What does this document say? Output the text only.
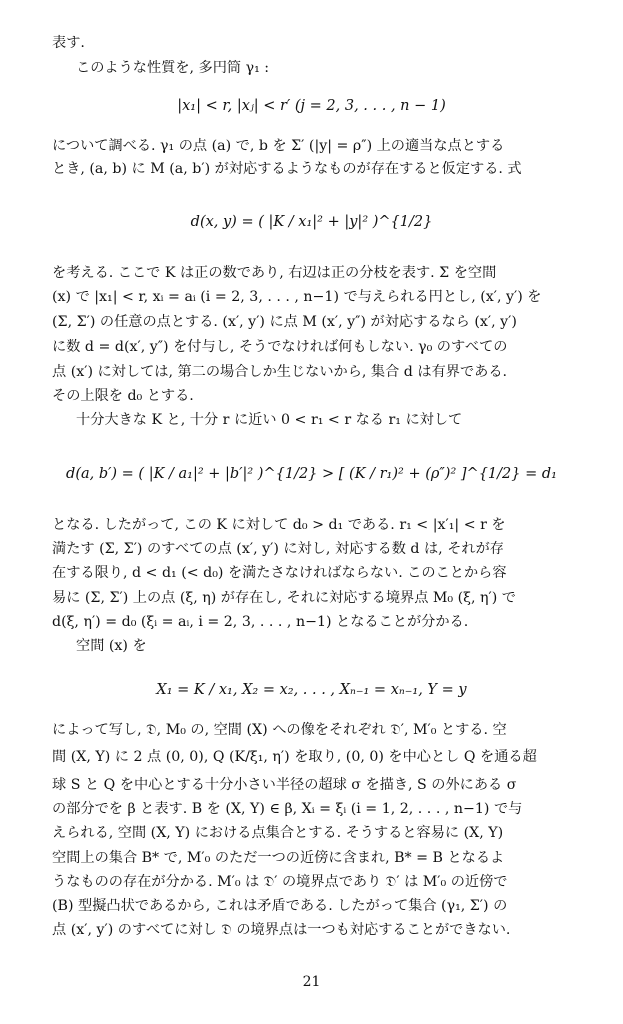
表す.
このような性質を, 多円筒 γ₁ :
|x₁| < r, |xⱼ| < r′ (j = 2, 3, . . . , n − 1)
について調べる. γ₁ の点 (a) で, b を Σ′ (|y| = ρ″) 上の適当な点とする
とき, (a, b) に M (a, b′) が対応するようなものが存在すると仮定する. 式
d(x, y) = ( |K / x₁|² + |y|² )^{1/2}
を考える. ここで K は正の数であり, 右辺は正の分枝を表す. Σ を空間
(x) で |x₁| < r, xᵢ = aᵢ (i = 2, 3, . . . , n−1) で与えられる円とし, (x′, y′) を
(Σ, Σ′) の任意の点とする. (x′, y′) に点 M (x′, y″) が対応するなら (x′, y′)
に数 d = d(x′, y″) を付与し, そうでなければ何もしない. γ₀ のすべての
点 (x′) に対しては, 第二の場合しか生じないから, 集合 d は有界である.
その上限を d₀ とする.
十分大きな K と, 十分 r に近い 0 < r₁ < r なる r₁ に対して
d(a, b′) = ( |K / a₁|² + |b′|² )^{1/2} > [ (K / r₁)² + (ρ″)² ]^{1/2} = d₁
となる. したがって, この K に対して d₀ > d₁ である. r₁ < |x′₁| < r を
満たす (Σ, Σ′) のすべての点 (x′, y′) に対し, 対応する数 d は, それが存
在する限り, d < d₁ (< d₀) を満たさなければならない. このことから容
易に (Σ, Σ′) 上の点 (ξ, η) が存在し, それに対応する境界点 M₀ (ξ, η′) で
d(ξ, η′) = d₀ (ξᵢ = aᵢ, i = 2, 3, . . . , n−1) となることが分かる.
空間 (x) を
X₁ = K / x₁, X₂ = x₂, . . . , Xₙ₋₁ = xₙ₋₁, Y = y
によって写し, 𝔇, M₀ の, 空間 (X) への像をそれぞれ 𝔇′, M′₀ とする. 空
間 (X, Y) に 2 点 (0, 0), Q (K/ξ₁, η′) を取り, (0, 0) を中心とし Q を通る超
球 S と Q を中心とする十分小さい半径の超球 σ を描き, S の外にある σ
の部分でを β と表す. B を (X, Y) ∈ β, Xᵢ = ξᵢ (i = 1, 2, . . . , n−1) で与
えられる, 空間 (X, Y) における点集合とする. そうすると容易に (X, Y)
空間上の集合 B* で, M′₀ のただ一つの近傍に含まれ, B* = B となるよ
うなものの存在が分かる. M′₀ は 𝔇′ の境界点であり 𝔇′ は M′₀ の近傍で
(B) 型擬凸状であるから, これは矛盾である. したがって集合 (γ₁, Σ′) の
点 (x′, y′) のすべてに対し 𝔇 の境界点は一つも対応することができない.
21
